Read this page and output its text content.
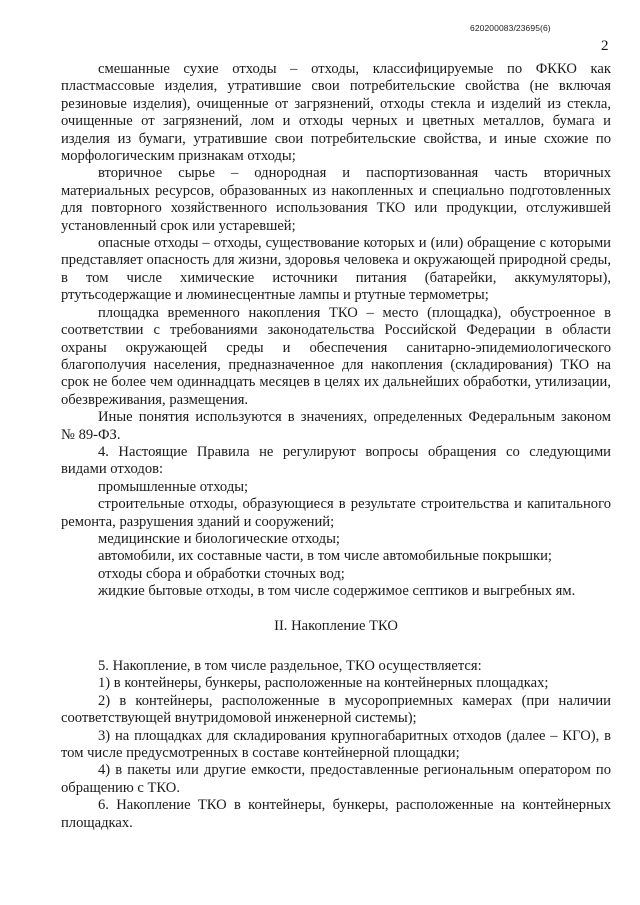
620200083/23695(6)
2

смешанные сухие отходы – отходы, классифицируемые по ФККО как пластмассовые изделия, утратившие свои потребительские свойства (не включая резиновые изделия), очищенные от загрязнений, отходы стекла и изделий из стекла, очищенные от загрязнений, лом и отходы черных и цветных металлов, бумага и изделия из бумаги, утратившие свои потребительские свойства, и иные схожие по морфологическим признакам отходы;

вторичное сырье – однородная и паспортизованная часть вторичных материальных ресурсов, образованных из накопленных и специально подготовленных для повторного хозяйственного использования ТКО или продукции, отслужившей установленный срок или устаревшей;

опасные отходы – отходы, существование которых и (или) обращение с которыми представляет опасность для жизни, здоровья человека и окружающей природной среды, в том числе химические источники питания (батарейки, аккумуляторы), ртутьсодержащие и люминесцентные лампы и ртутные термометры;

площадка временного накопления ТКО – место (площадка), обустроенное в соответствии с требованиями законодательства Российской Федерации в области охраны окружающей среды и обеспечения санитарно-эпидемиологического благополучия населения, предназначенное для накопления (складирования) ТКО на срок не более чем одиннадцать месяцев в целях их дальнейших обработки, утилизации, обезвреживания, размещения.

Иные понятия используются в значениях, определенных Федеральным законом № 89-ФЗ.

4. Настоящие Правила не регулируют вопросы обращения со следующими видами отходов:

промышленные отходы;

строительные отходы, образующиеся в результате строительства и капитального ремонта, разрушения зданий и сооружений;

медицинские и биологические отходы;

автомобили, их составные части, в том числе автомобильные покрышки;

отходы сбора и обработки сточных вод;

жидкие бытовые отходы, в том числе содержимое септиков и выгребных ям.

II. Накопление ТКО

5. Накопление, в том числе раздельное, ТКО осуществляется:

1) в контейнеры, бункеры, расположенные на контейнерных площадках;

2) в контейнеры, расположенные в мусороприемных камерах (при наличии соответствующей внутридомовой инженерной системы);

3) на площадках для складирования крупногабаритных отходов (далее – КГО), в том числе предусмотренных в составе контейнерной площадки;

4) в пакеты или другие емкости, предоставленные региональным оператором по обращению с ТКО.

6. Накопление ТКО в контейнеры, бункеры, расположенные на контейнерных площадках.
